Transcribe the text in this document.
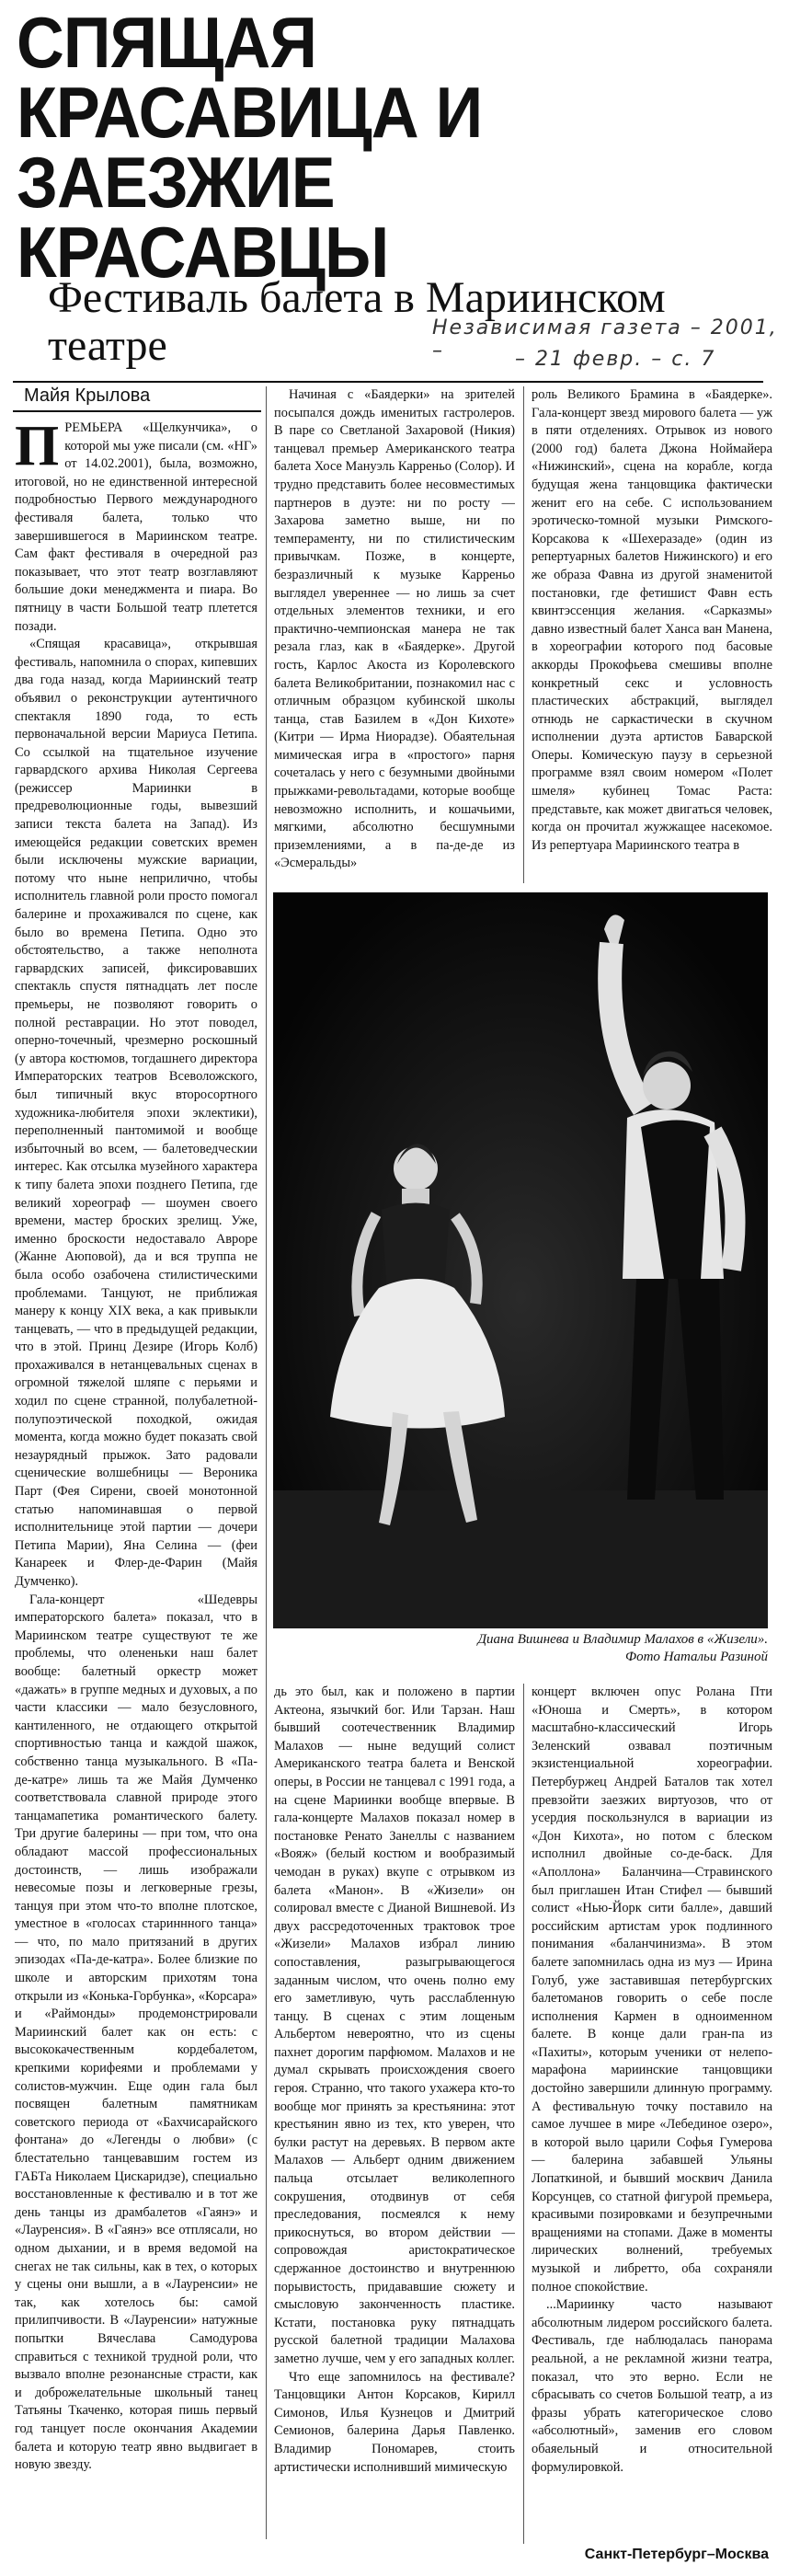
СПЯЩАЯ КРАСАВИЦА И ЗАЕЗЖИЕ КРАСАВЦЫ
Фестиваль балета в Мариинском театре	Независимая газета – 2001, –	– 21 февр. – с. 7
Майя Крылова

ПРЕМЬЕРА «Щелкунчика», о которой мы уже писали (см. «НГ» от 14.02.2001), была, возможно, итоговой, но не единственной интересной подробностью Первого международного фестиваля балета, только что завершившегося в Мариинском театре. Сам факт фестиваля в очередной раз показывает, что этот театр возглавляют большие доки менеджмента и пиара. Во пятницу в части Большой театр плетется позади.

«Спящая красавица», открывшая фестиваль, напомнила о спорах, кипевших два года назад, когда Мариинский театр объявил о реконструкции аутентичного спектакля 1890 года, то есть первоначальной версии Мариуса Петипа. Со ссылкой на тщательное изучение гарвардского архива Николая Сергеева (режиссер Мариинки в предреволюционные годы, вывезший записи текста балета на Запад). Из имеющейся редакции советских времен были исключены мужские вариации, потому что ныне неприлично, чтобы исполнитель главной роли просто помогал балерине и прохаживался по сцене, как было во времена Петипа. Одно это обстоятельство, а также неполнота гарвардских записей, фиксировавших спектакль спустя пятнадцать лет после премьеры, не позволяют говорить о полной реставрации. Но этот поводел, оперно-точечный, чрезмерно роскошный (у автора костюмов, тогдашнего директора Императорских театров Всеволожского, был типичный вкус второсортного художника-любителя эпохи эклектики), переполненный пантомимой и вообще избыточный во всем, — балетоведческии интерес. Как отсылка музейного характера к типу балета эпохи позднего Петипа, где великий хореограф — шоумен своего времени, мастер броских зрелищ. Уже, именно броскости недоставало Авроре (Жанне Аюповой), да и вся труппа не была особо озабочена стилистическими проблемами. Танцуют, не приближая манеру к концу XIX века, а как привыкли танцевать, — что в предыдущей редакции, что в этой. Принц Дезире (Игорь Колб) прохаживался в нетанцевальных сценах в огромной тяжелой шляпе с перьями и ходил по сцене странной, полубалетной-полупоэтической походкой, ожидая момента, когда можно будет показать свой незаурядный прыжок. Зато радовали сценические волшебницы — Вероника Парт (Фея Сирени, своей монотонной статью напоминавшая о первой исполнительнице этой партии — дочери Петипа Марии), Яна Селина — (феи Канареек и Флер-де-Фарин (Майя Думченко).

Гала-концерт «Шедевры императорского балета» показал, что в Мариинском театре существуют те же проблемы, что олененьки наш балет вообще: балетный оркестр может «дажать» в группе медных и духовых, а по части классики — мало безусловного, кантиленного, не отдающего открытой спортивностью танца и каждой шажок, собственно танца музыкального. В «Па-де-катре» лишь та же Майя Думченко соответствовала славной природе этого танцамапетика романтического балету. Три другие балерины — при том, что она обладают массой профессиональных достоинств, — лишь изображали невесомые позы и легковерные грезы, танцуя при этом что-то вполне плотское, уместное в «голосах стариннного танца» — что, по мало притязаний в других эпизодах «Па-де-катра». Более близкие по школе и авторским прихотям тона открыли из «Конька-Горбунка», «Корсара» и «Раймонды» продемонстрировали Мариинский балет как он есть: с высококачественным кордебалетом, крепкими корифеями и проблемами у солистов-мужчин. Еще один гала был посвящен балетным памятникам советского периода от «Бахчисарайского фонтана» до «Легенды о любви» (с блестательно танцевавшим гостем из ГАБТа Николаем Цискаридзе), специально восстановленные к фестивалю и в тот же день танцы из драмбалетов «Гаянэ» и «Лауренсия». В «Гаянэ» все отплясали, но одном дыхании, и в время ведомой на снегах не так сильны, как в тех, о которых у сцены они вышли, а в «Лауренсии» не так, как хотелось бы: самой прилипчивости. В «Лауренсии» натужные попытки Вячеслава Самодурова справиться с техникой трудной роли, что вызвало вполне резонансные страсти, как и доброжелательные школьный танец Татьяны Ткаченко, которая пишь первый год танцует после окончания Академии балета и которую театр явно выдвигает в новую звезду.

Начиная с «Баядерки» на зрителей посыпался дождь именитых гастролеров. В паре со Светланой Захаровой (Никия) танцевал премьер Американского театра балета Хосе Мануэль Карреньо (Солор). И трудно представить более несовместимых партнеров в дуэте: ни по росту — Захарова заметно выше, ни по темпераменту, ни по стилистическим привычкам. Позже, в концерте, безразличный к музыке Карреньо выглядел увереннее — но лишь за счет отдельных элементов техники, и его практично-чемпионская манера не так резала глаз, как в «Баядерке». Другой гость, Карлос Акоста из Королевского балета Великобритании, познакомил нас с отличным образцом кубинской школы танца, став Базилем в «Дон Кихоте» (Китри — Ирма Ниорадзе). Обаятельная мимическая игра в «простого» парня сочеталась у него с безумными двойными прыжками-револьтадами, которые вообще невозможно исполнить, и кошачьими, мягкими, абсолютно бесшумными приземлениями, а в па-де-де из «Эсмеральды»

роль Великого Брамина в «Баядерке». Гала-концерт звезд мирового балета — уж в пяти отделениях. Отрывок из нового (2000 год) балета Джона Ноймайера «Нижинский», сцена на корабле, когда будущая жена танцовщика фактически женит его на себе. С использованием эротическо-томной музыки Римского-Корсакова к «Шехеразаде» (один из репертуарных балетов Нижинского) и его же образа Фавна из другой знаменитой постановки, где фетишист Фавн есть квинтэссенция желания. «Сарказмы» давно известный балет Ханса ван Манена, в хореографии которого под басовые аккорды Прокофьева смешивы вполне конкретный секс и условность пластических абстракций, выглядел отнюдь не саркастически в скучном исполнении дуэта артистов Баварской Оперы. Комическую паузу в серьезной программе взял своим номером «Полет шмеля» кубинец Томас Раста: представьте, как может двигаться человек, когда он прочитал жужжащее насекомое. Из репертуара Мариинского театра в

Диана Вишнева и Владимир Малахов в «Жизели».
Фото Натальи Разиной

дь это был, как и положено в партии Актеона, язычкий бог. Или Тарзан. Наш бывший соотечественник Владимир Малахов — ныне ведущий солист Американского театра балета и Венской оперы, в России не танцевал с 1991 года, а на сцене Мариинки вообще впервые. В гала-концерте Малахов показал номер в постановке Ренато Занеллы с названием «Вояж» (белый костюм и вообразимый чемодан в руках) вкупе с отрывком из балета «Манон». В «Жизели» он солировал вместе с Дианой Вишневой. Из двух рассредоточенных трактовок трое «Жизели» Малахов избрал линию сопоставления, разыгрывающегося заданным числом, что очень полно ему его заметливую, чуть расслабленную танцу. В сценах с этим лощеным Альбертом невероятно, что из сцены пахнет дорогим парфюмом. Малахов и не думал скрывать происхождения своего героя. Странно, что такого ухажера кто-то вообще мог принять за крестьянина: этот крестьянин явно из тех, кто уверен, что булки растут на деревьях. В первом акте Малахов — Альберт одним движением пальца отсылает великолепного сокрушения, отодвинув от себя преследования, посмеялся к нему прикоснуться, во втором действии — сопровождая аристократическое сдержанное достоинство и внутреннюю порывистость, придававшие сюжету и смысловую законченность пластике. Кстати, постановка руку пятнадцать русской балетной традиции Малахова заметно лучше, чем у его западных коллег.

Что еще запомнилось на фестивале? Танцовщики Антон Корсаков, Кирилл Симонов, Илья Кузнецов и Дмитрий Семионов, балерина Дарья Павленко. Владимир Пономарев, стоить артистически исполнивший мимическую

концерт включен опус Ролана Пти «Юноша и Смерть», в котором масштабно-классический Игорь Зеленский озвавал поэтичным экзистенциальной хореографии. Петербуржец Андрей Баталов так хотел превзойти заезжих виртуозов, что от усердия поскользнулся в вариации из «Дон Кихота», но потом с блеском исполнил двойные со-де-баск. Для «Аполлона» Баланчина—Стравинского был приглашен Итан Стифел — бывший солист «Нью-Йорк сити балле», давший российским артистам урок подлинного понимания «баланчинизма». В этом балете запомнилась одна из муз — Ирина Голуб, уже заставившая петербургских балетоманов говорить о себе после исполнения Кармен в одноименном балете. В конце дали гран-па из «Пахиты», которым ученики от нелепо-марафона мариинские танцовщики достойно завершили длинную программу. А фестивальную точку поставило на самое лучшее в мире «Лебединое озеро», в которой выло царили Софья Гумерова — балерина забавшей Ульяны Лопаткиной, и бывший москвич Данила Корсунцев, со статной фигурой премьера, красивыми позировками и безупречными вращениями на стопами. Даже в моменты лирических волнений, требуемых музыкой и либретто, оба сохраняли полное спокойствие.

...Мариинку часто называют абсолютным лидером российского балета. Фестиваль, где наблюдалась панорама реальной, а не рекламной жизни театра, показал, что это верно. Если не сбрасывать со счетов Большой театр, а из фразы убрать категорическое слово «абсолютный», заменив его словом обаяельный и относительной формулировкой.

Санкт-Петербург–Москва
